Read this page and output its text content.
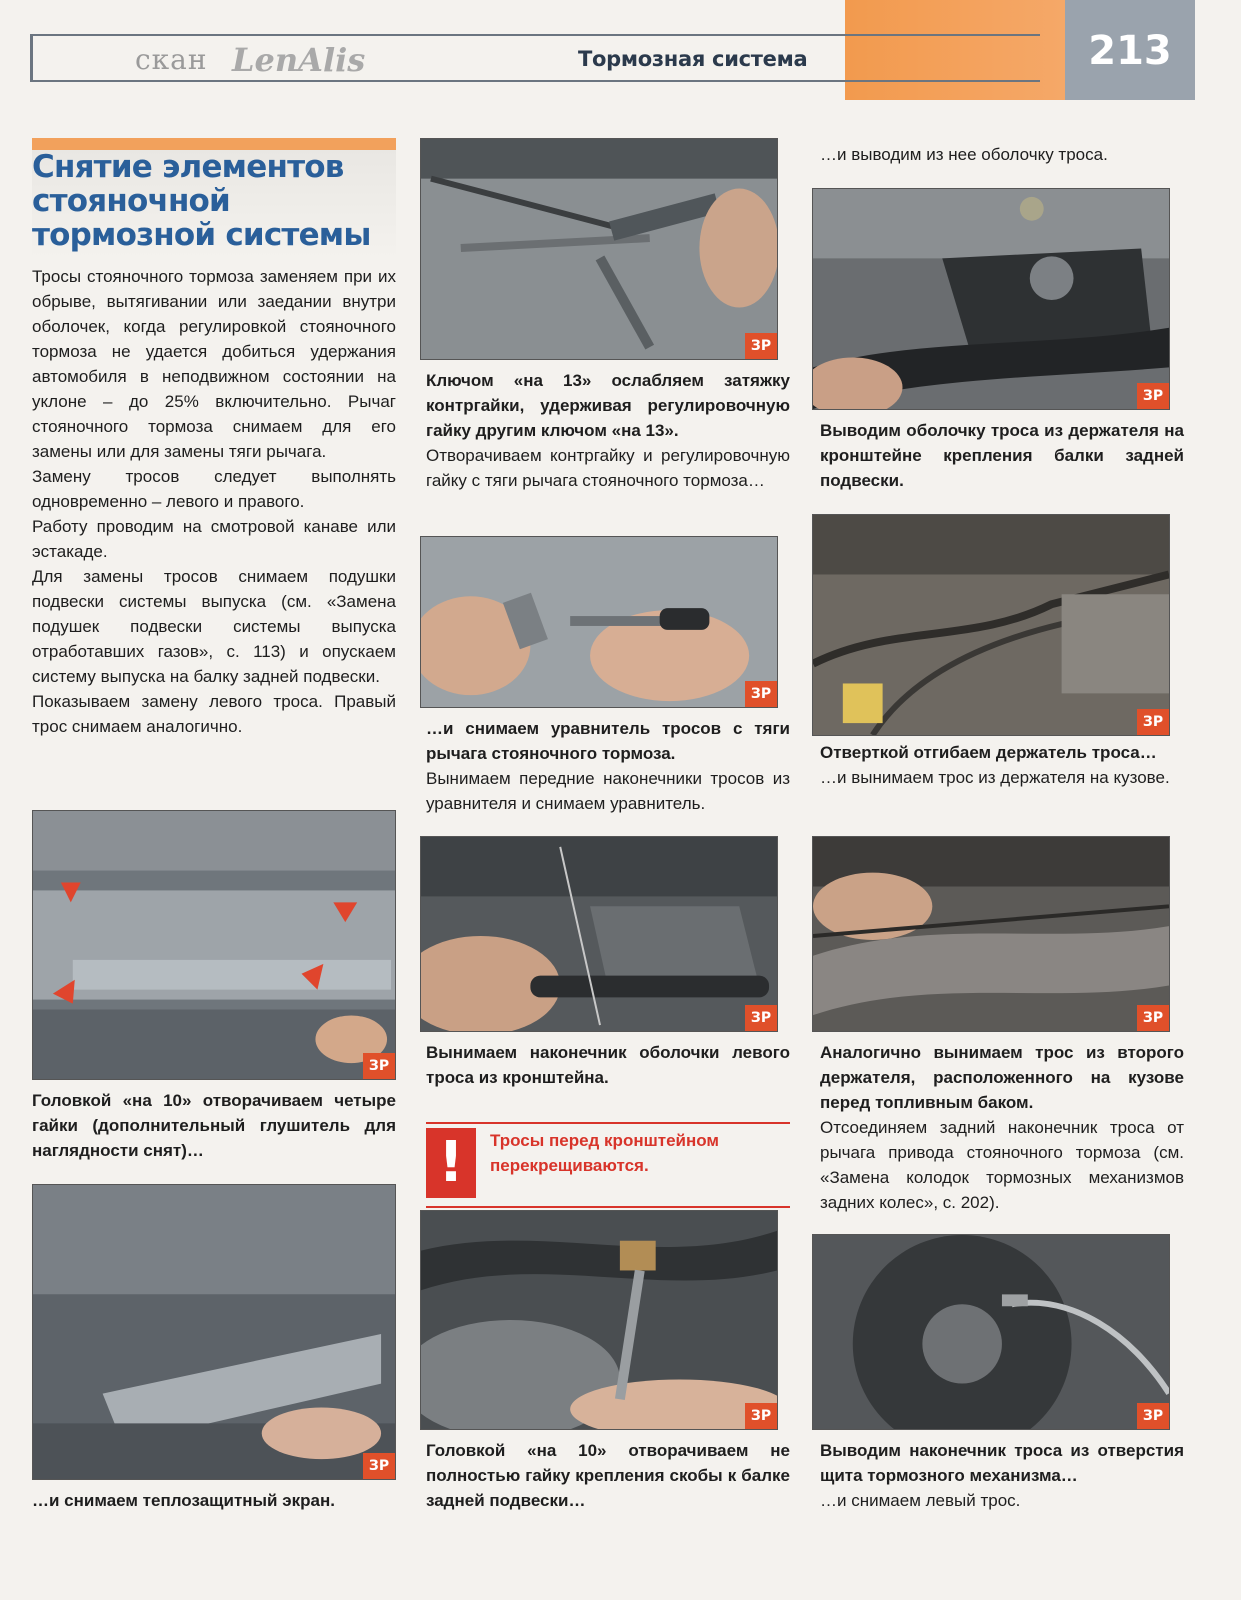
скан LenAlis	Тормозная система	213
Снятие элементов стояночной тормозной системы

Тросы стояночного тормоза заменяем при их обрыве, вытягивании или заедании внутри оболочек, когда регулировкой стояночного тормоза не удается добиться удержания автомобиля в неподвижном состоянии на уклоне – до 25% включительно. Рычаг стояночного тормоза снимаем для его замены или для замены тяги рычага.

Замену тросов следует выполнять одновременно – левого и правого.

Работу проводим на смотровой канаве или эстакаде.

Для замены тросов снимаем подушки подвески системы выпуска (см. «Замена подушек подвески системы выпуска отработавших газов», с. 113) и опускаем систему выпуска на балку задней подвески.

Показываем замену левого троса. Правый трос снимаем аналогично.

ЗР
Головкой «на 10» отворачиваем четыре гайки (дополнительный глушитель для наглядности снят)…
ЗР
…и снимаем теплозащитный экран.
ЗР

Ключом «на 13» ослабляем затяжку контргайки, удерживая регулировочную гайку другим ключом «на 13».

Отворачиваем контргайку и регулировочную гайку с тяги рычага стояночного тормоза…

ЗР

…и снимаем уравнитель тросов с тяги рычага стояночного тормоза.

Вынимаем передние наконечники тросов из уравнителя и снимаем уравнитель.

ЗР
Вынимаем наконечник оболочки левого троса из кронштейна.
!	Тросы перед кронштейном перекрещиваются.
ЗР
Головкой «на 10» отворачиваем не полностью гайку крепления скобы к балке задней подвески…
…и выводим из нее оболочку троса.
ЗР
Выводим оболочку троса из держателя на кронштейне крепления балки задней подвески.
ЗР

Отверткой отгибаем держатель троса…

…и вынимаем трос из держателя на кузове.

ЗР

Аналогично вынимаем трос из второго держателя, расположенного на кузове перед топливным баком.

Отсоединяем задний наконечник троса от рычага привода стояночного тормоза (см. «Замена колодок тормозных механизмов задних колес», с. 202).

ЗР

Выводим наконечник троса из отверстия щита тормозного механизма…

…и снимаем левый трос.
